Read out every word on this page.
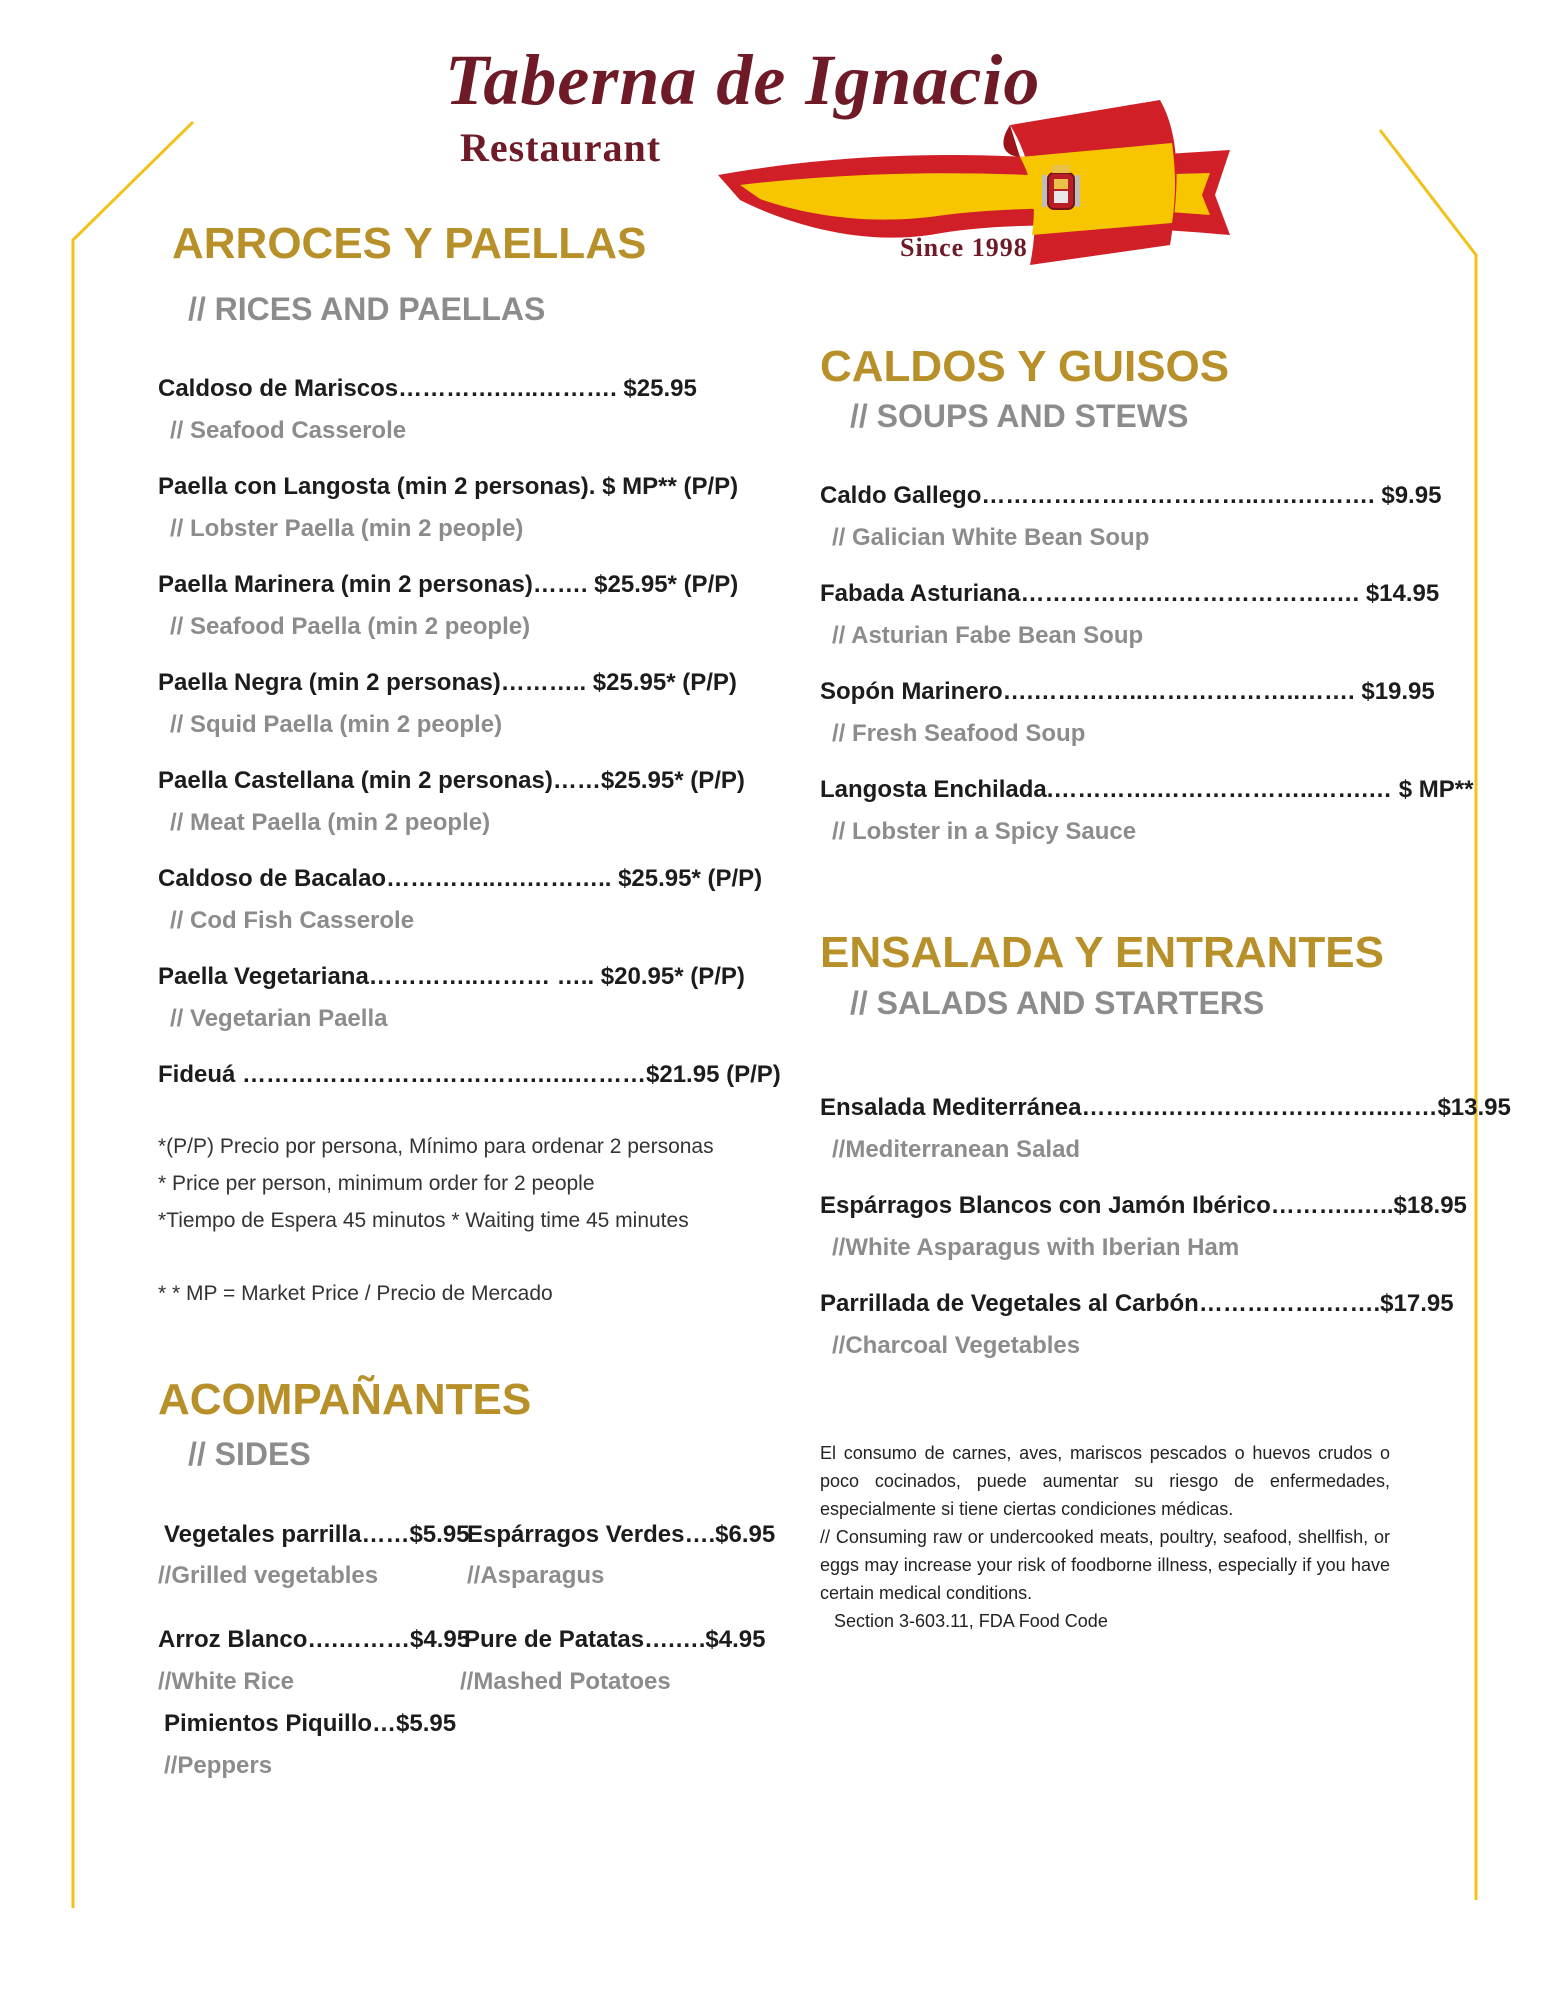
Taberna de Ignacio
Restaurant
Since 1998
ARROCES Y PAELLAS
// RICES AND PAELLAS
Caldoso de Mariscos………….…..………. $25.95
// Seafood Casserole
Paella con Langosta (min 2 personas). $ MP** (P/P)
// Lobster Paella (min 2 people)
Paella Marinera (min 2 personas)……. $25.95* (P/P)
// Seafood Paella (min 2 people)
Paella Negra (min 2 personas)……….. $25.95* (P/P)
// Squid Paella (min 2 people)
Paella Castellana (min 2 personas)……$25.95* (P/P)
// Meat Paella (min 2 people)
Caldoso de Bacalao…………..….……….. $25.95* (P/P)
// Cod Fish Casserole
Paella Vegetariana…………..……… ….. $20.95* (P/P)
// Vegetarian Paella
Fideuá ……………………………….…..………$21.95 (P/P)
*(P/P) Precio por persona, Mínimo para ordenar 2 personas
* Price per person, minimum order for 2 people
*Tiempo de Espera 45 minutos * Waiting time 45 minutes
* * MP = Market Price / Precio de Mercado
ACOMPAÑANTES
// SIDES
Vegetales parrilla……$5.95
//Grilled vegetables
Espárragos Verdes….$6.95
//Asparagus
Arroz Blanco….………$4.95
//White Rice
Pure de Patatas….….$4.95
//Mashed Potatoes
Pimientos Piquillo…$5.95
//Peppers
CALDOS Y GUISOS
// SOUPS AND STEWS
Caldo Gallego……………………………..….….……. $9.95
// Galician White Bean Soup
Fabada Asturiana…………….….……………….…. $14.95
// Asturian Fabe Bean Soup
Sopón Marinero….…………..………………..……. $19.95
// Fresh Seafood Soup
Langosta Enchilada.………….………………..…….… $ MP**
// Lobster in a Spicy Sauce
ENSALADA Y ENTRANTES
// SALADS AND STARTERS
Ensalada Mediterránea……….………………………..……$13.95
//Mediterranean Salad
Espárragos Blancos con Jamón Ibérico………..…..$18.95
//White Asparagus with Iberian Ham
Parrillada de Vegetales al Carbón…………….…….$17.95
//Charcoal Vegetables

El consumo de carnes, aves, mariscos pescados o huevos crudos o poco cocinados, puede aumentar su riesgo de enfermedades, especialmente si tiene ciertas condiciones médicas.

// Consuming raw or undercooked meats, poultry, seafood, shellfish, or eggs may increase your risk of foodborne illness, especially if you have certain medical conditions.

Section 3-603.11, FDA Food Code
